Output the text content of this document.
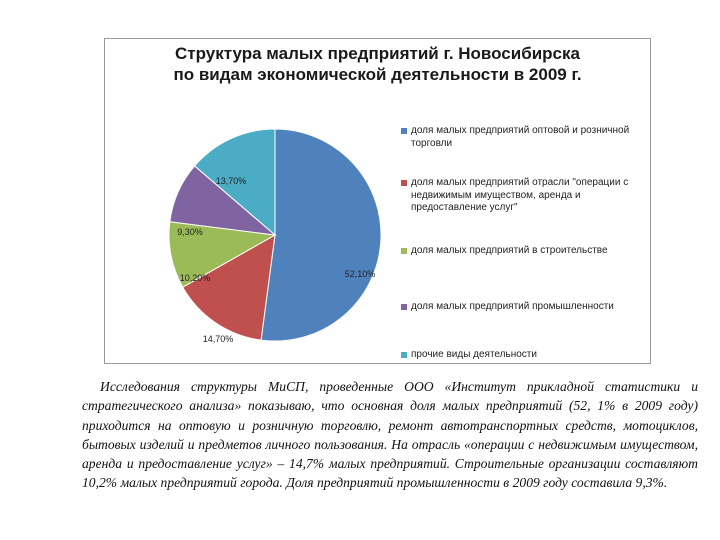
Структура малых предприятий г. Новосибирска
по видам экономической деятельности в 2009 г.
52,10%
14,70%
10,20%
9,30%
13,70%
доля малых предприятий оптовой и розничной торговли
доля малых предприятий отрасли "операции с недвижимым имуществом, аренда и предоставление услуг"
доля малых предприятий в строительстве
доля малых предприятий промышленности
прочие виды деятельности
Исследования структуры МиСП, проведенные ООО «Институт прикладной статистики и стратегического анализа» показываю, что основная доля малых предприятий (52, 1% в 2009 году) приходится на оптовую и розничную торговлю, ремонт автотранспортных средств, мотоциклов, бытовых изделий и предметов личного пользования. На отрасль «операции с недвижимым имуществом, аренда и предоставление услуг» – 14,7% малых предприятий. Строительные организации составляют 10,2% малых предприятий города. Доля предприятий промышленности в 2009 году составила 9,3%.
